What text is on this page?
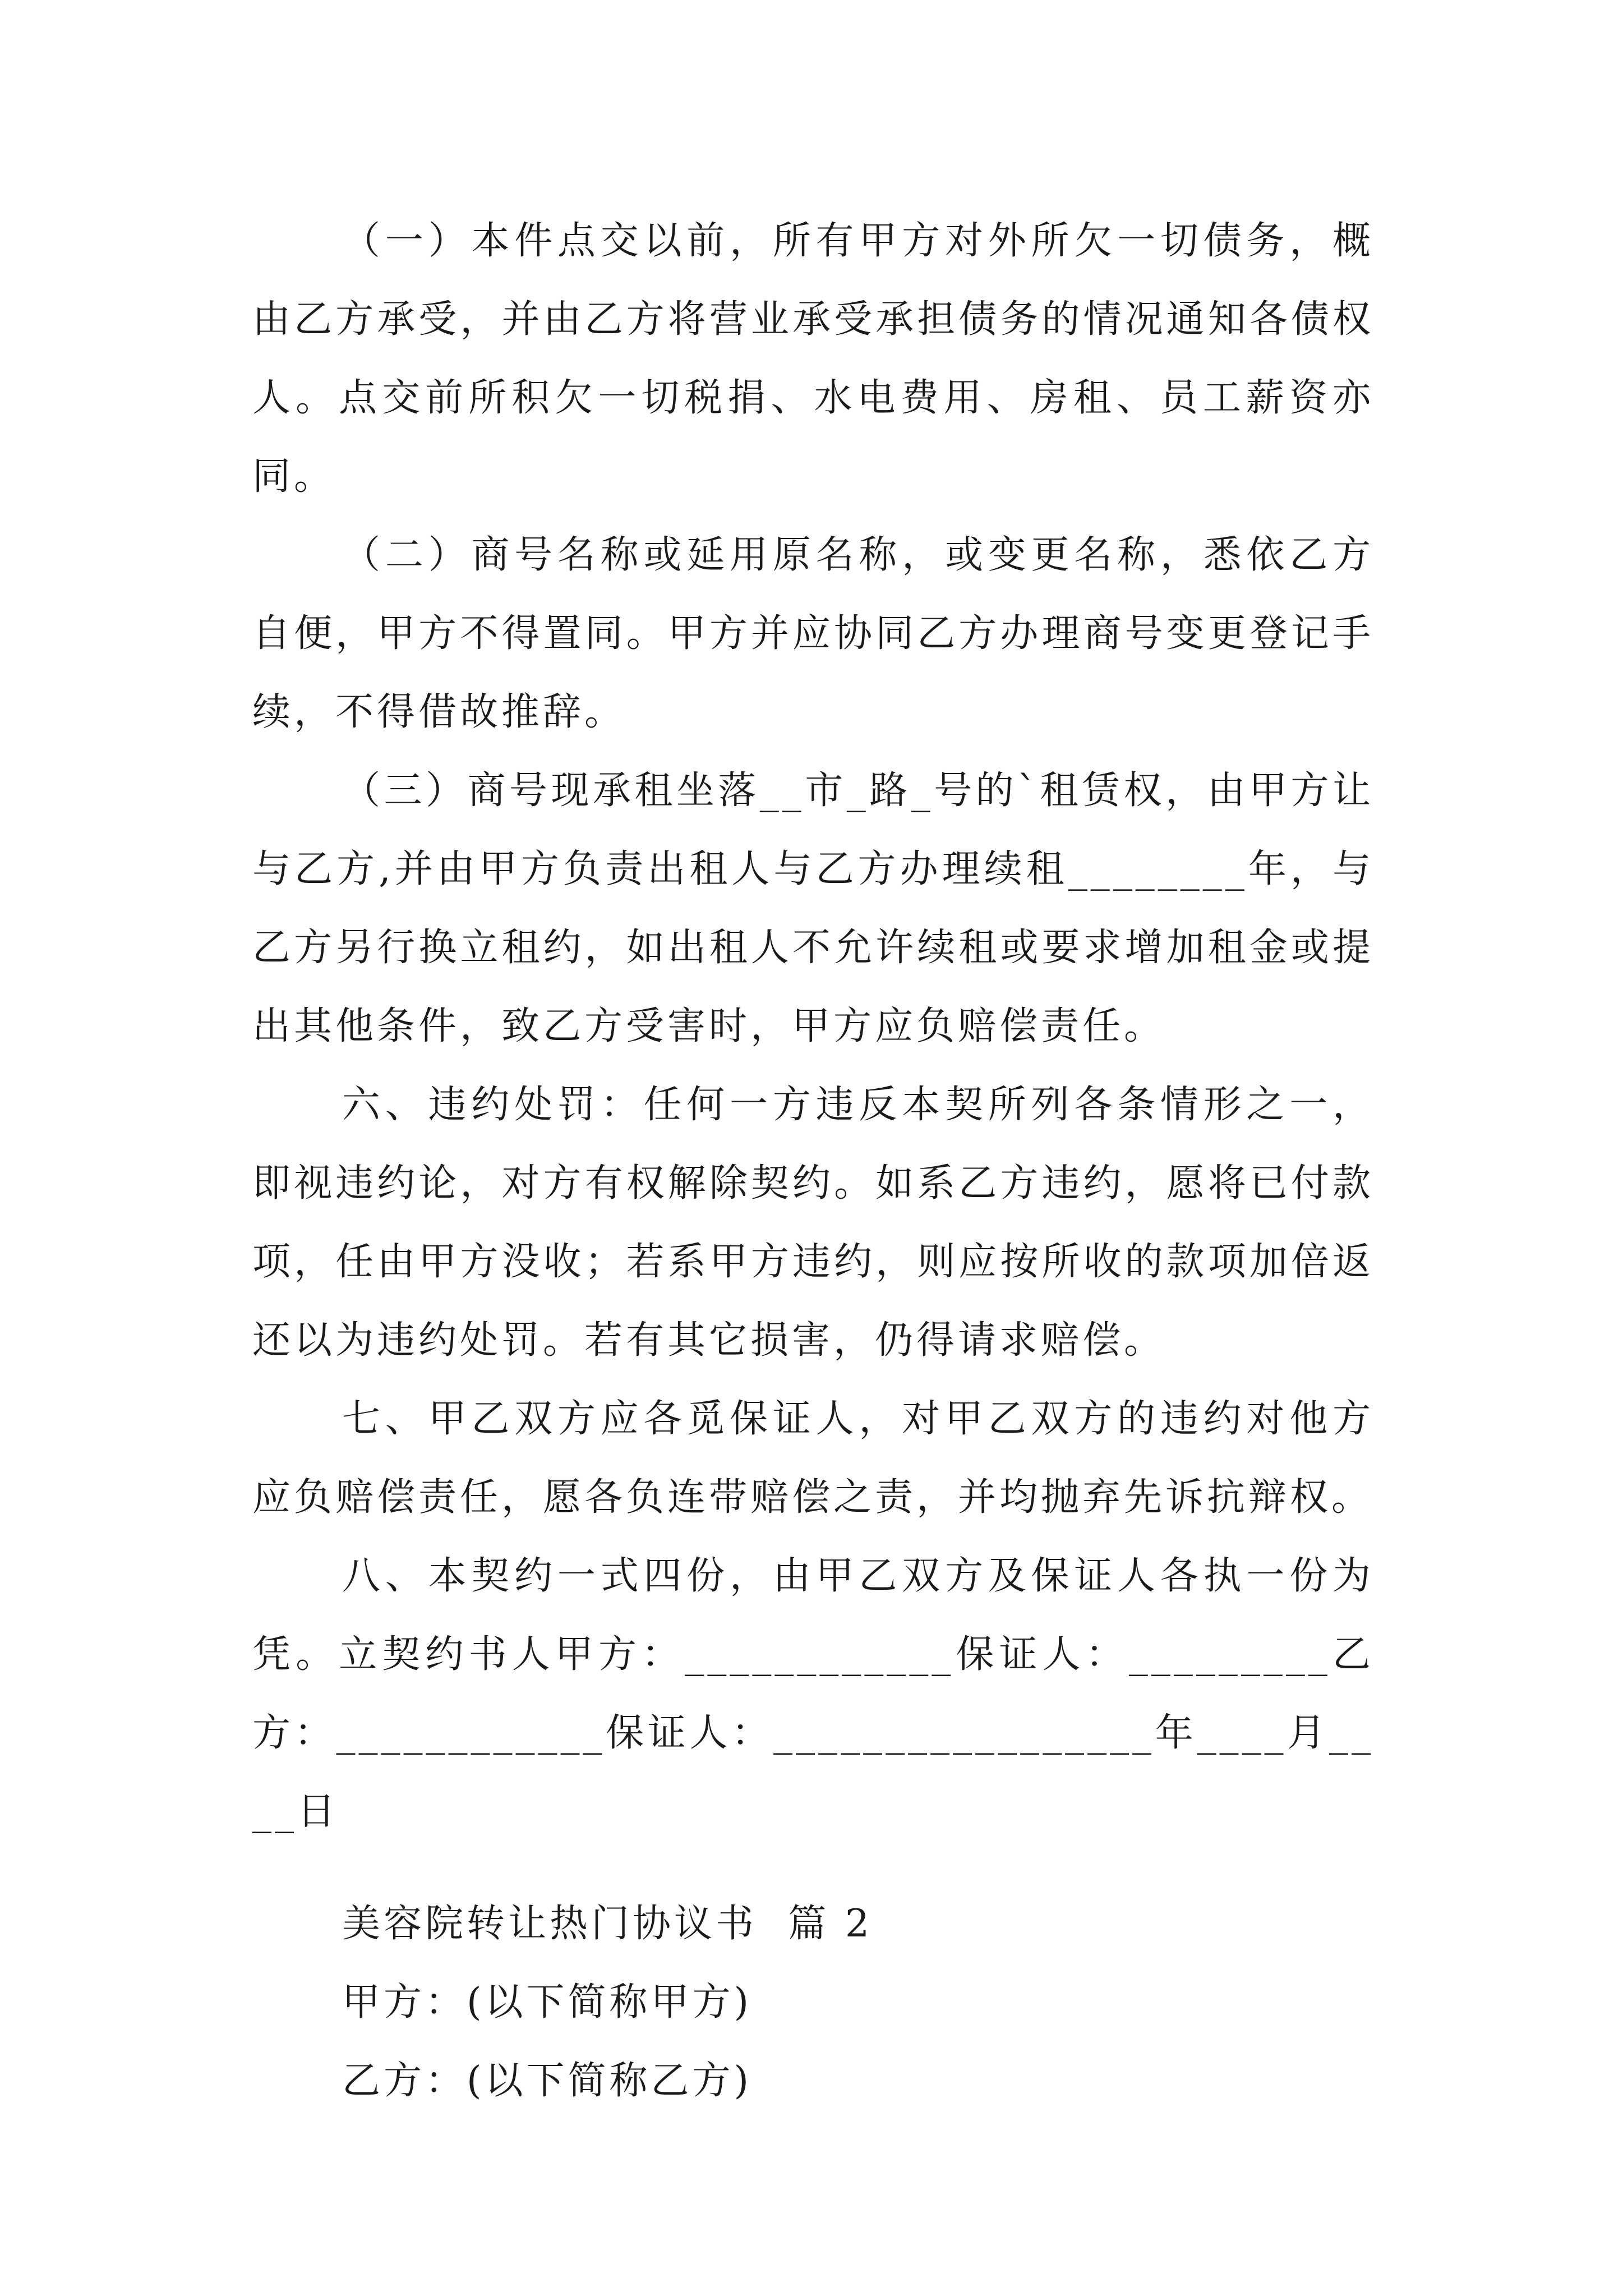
（一）本件点交以前，所有甲方对外所欠一切债务，概由乙方承受，并由乙方将营业承受承担债务的情况通知各债权人。点交前所积欠一切税捐、水电费用、房租、员工薪资亦同。

（二）商号名称或延用原名称，或变更名称，悉依乙方自便，甲方不得置同。甲方并应协同乙方办理商号变更登记手续，不得借故推辞。

（三）商号现承租坐落__市_路_号的`租赁权，由甲方让与乙方,并由甲方负责出租人与乙方办理续租________年，与乙方另行换立租约，如出租人不允许续租或要求增加租金或提出其他条件，致乙方受害时，甲方应负赔偿责任。

六、违约处罚：任何一方违反本契所列各条情形之一，即视违约论，对方有权解除契约。如系乙方违约，愿将已付款项，任由甲方没收；若系甲方违约，则应按所收的款项加倍返还以为违约处罚。若有其它损害，仍得请求赔偿。

七、甲乙双方应各觅保证人，对甲乙双方的违约对他方应负赔偿责任，愿各负连带赔偿之责，并均抛弃先诉抗辩权。

八、本契约一式四份，由甲乙双方及保证人各执一份为凭。立契约书人甲方：____________保证人：_________乙方：____________保证人：_________________年____月____日

美容院转让热门协议书  篇 2

甲方：(以下简称甲方)

乙方：(以下简称乙方)
